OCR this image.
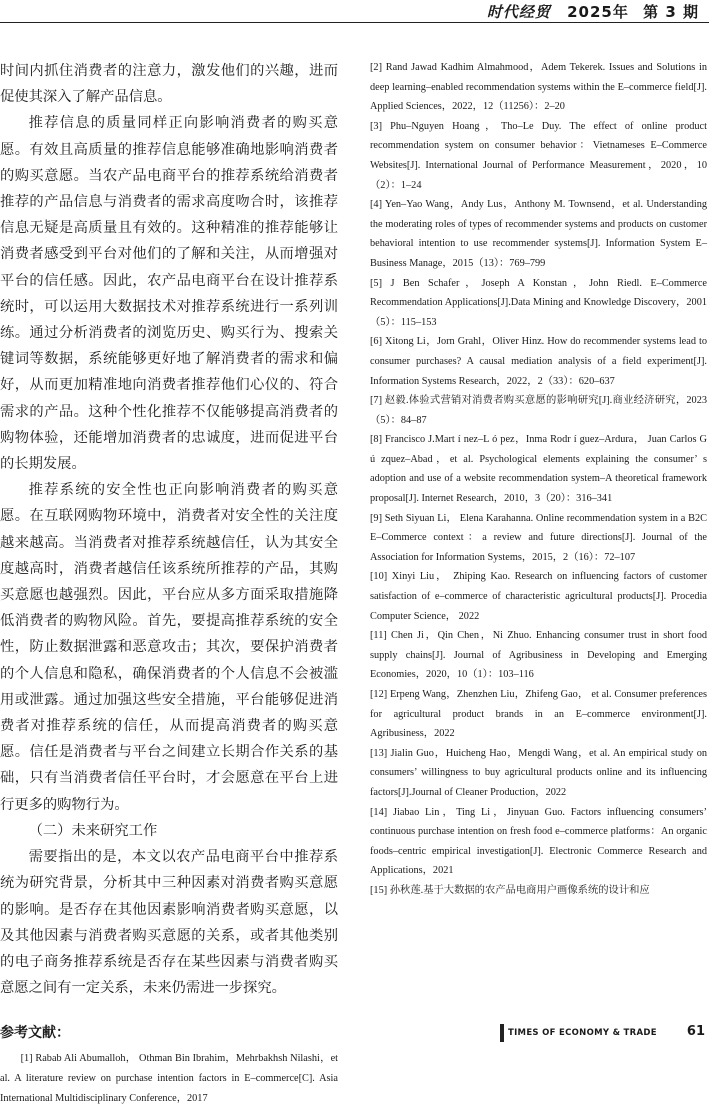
时代经贸 2025年 第 3 期

时间内抓住消费者的注意力，激发他们的兴趣，进而促使其深入了解产品信息。

推荐信息的质量同样正向影响消费者的购买意愿。有效且高质量的推荐信息能够准确地影响消费者的购买意愿。当农产品电商平台的推荐系统给消费者推荐的产品信息与消费者的需求高度吻合时，该推荐信息无疑是高质量且有效的。这种精准的推荐能够让消费者感受到平台对他们的了解和关注，从而增强对平台的信任感。因此，农产品电商平台在设计推荐系统时，可以运用大数据技术对推荐系统进行一系列训练。通过分析消费者的浏览历史、购买行为、搜索关键词等数据，系统能够更好地了解消费者的需求和偏好，从而更加精准地向消费者推荐他们心仪的、符合需求的产品。这种个性化推荐不仅能够提高消费者的购物体验，还能增加消费者的忠诚度，进而促进平台的长期发展。

推荐系统的安全性也正向影响消费者的购买意愿。在互联网购物环境中，消费者对安全性的关注度越来越高。当消费者对推荐系统越信任，认为其安全度越高时，消费者越信任该系统所推荐的产品，其购买意愿也越强烈。因此，平台应从多方面采取措施降低消费者的购物风险。首先，要提高推荐系统的安全性，防止数据泄露和恶意攻击；其次，要保护消费者的个人信息和隐私，确保消费者的个人信息不会被滥用或泄露。通过加强这些安全措施，平台能够促进消费者对推荐系统的信任，从而提高消费者的购买意愿。信任是消费者与平台之间建立长期合作关系的基础，只有当消费者信任平台时，才会愿意在平台上进行更多的购物行为。

（二）未来研究工作

需要指出的是，本文以农产品电商平台中推荐系统为研究背景，分析其中三种因素对消费者购买意愿的影响。是否存在其他因素影响消费者购买意愿，以及其他因素与消费者购买意愿的关系，或者其他类别的电子商务推荐系统是否存在某些因素与消费者购买意愿之间有一定关系，未来仍需进一步探究。

参考文献：

[1] Rabab Ali Abumalloh， Othman Bin Ibrahim，Mehrbakhsh Nilashi，et al. A literature review on purchase intention factors in E–commerce[C]. Asia International Multidisciplinary Conference，2017

[2] Rand Jawad Kadhim Almahmood，Adem Tekerek. Issues and Solutions in deep learning–enabled recommendation systems within the E–commerce field[J]. Applied Sciences，2022，12（11256）：2–20

[3] Phu–Nguyen Hoang，Tho–Le Duy. The effect of online product recommendation system on consumer behavior：Vietnameses E–Commerce Websites[J]. International Journal of Performance Measurement，2020，10（2）：1–24

[4] Yen–Yao Wang，Andy Lus，Anthony M. Townsend，et al. Understanding the moderating roles of types of recommender systems and products on customer behavioral intention to use recommender systems[J]. Information System E–Business Manage，2015（13）：769–799

[5] J Ben Schafer，Joseph A Konstan，John Riedl. E–Commerce Recommendation Applications[J].Data Mining and Knowledge Discovery，2001（5）：115–153

[6] Xitong Li，Jorn Grahl，Oliver Hinz. How do recommender systems lead to consumer purchases? A causal mediation analysis of a field experiment[J]. Information Systems Research，2022，2（33）：620–637

[7] 赵毅.体验式营销对消费者购买意愿的影响研究[J].商业经济研究，2023（5）：84–87

[8] Francisco J.Mart í nez–L ó pez，Inma Rodr í guez–Ardura， Juan Carlos G ú zquez–Abad，et al. Psychological elements explaining the consumer’ s adoption and use of a website recommendation system–A theoretical framework proposal[J]. Internet Research，2010，3（20）：316–341

[9] Seth Siyuan Li， Elena Karahanna. Online recommendation system in a B2C E–Commerce context：a review and future directions[J]. Journal of the Association for Information Systems，2015，2（16）：72–107

[10] Xinyi Liu， Zhiping Kao. Research on influencing factors of customer satisfaction of e–commerce of characteristic agricultural products[J]. Procedia Computer Science， 2022

[11] Chen Ji，Qin Chen，Ni Zhuo. Enhancing consumer trust in short food supply chains[J]. Journal of Agribusiness in Developing and Emerging Economies，2020，10（1）：103–116

[12] Erpeng Wang，Zhenzhen Liu，Zhifeng Gao， et al. Consumer preferences for agricultural product brands in an E–commerce environment[J]. Agribusiness，2022

[13] Jialin Guo，Huicheng Hao，Mengdi Wang，et al. An empirical study on consumers’ willingness to buy agricultural products online and its influencing factors[J].Journal of Cleaner Production，2022

[14] Jiabao Lin，Ting Li，Jinyuan Guo. Factors influencing consumers’ continuous purchase intention on fresh food e–commerce platforms：An organic foods–centric empirical investigation[J]. Electronic Commerce Research and Applications，2021

[15] 孙秋莲.基于大数据的农产品电商用户画像系统的设计和应

TIMES OF ECONOMY & TRADE 61
